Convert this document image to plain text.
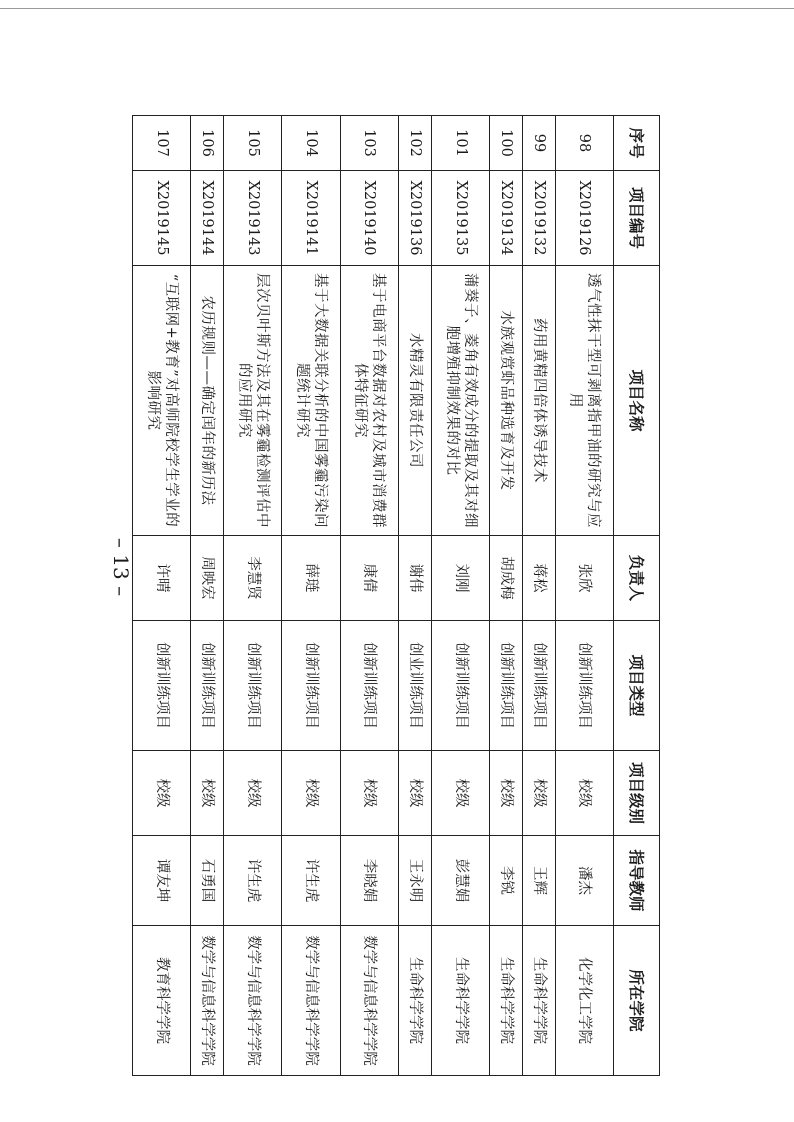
序号	项目编号	项目名称	负责人	项目类型	项目级别	指导教师	所在学院
98	X2019126	透气性抹干型可剥离指甲油的研究与应用	张欣	创新训练项目	校级	潘杰	化学化工学院
99	X2019132	药用黄精四倍体诱导技术	蒋松	创新训练项目	校级	王辉	生命科学学院
100	X2019134	水族观赏虾品种选育及开发	胡成梅	创新训练项目	校级	李锐	生命科学学院
101	X2019135	蒲葵子、菱角有效成分的提取及其对细胞增殖抑制效果的对比	刘刚	创新训练项目	校级	彭慧娟	生命科学学院
102	X2019136	水精灵有限责任公司	谢伟	创业训练项目	校级	王永明	生命科学学院
103	X2019140	基于电商平台数据对农村及城市消费群体特征研究	康倩	创新训练项目	校级	李晓娟	数学与信息科学学院
104	X2019141	基于大数据关联分析的中国雾霾污染问题统计研究	薛琏	创新训练项目	校级	许生虎	数学与信息科学学院
105	X2019143	层次贝叶斯方法及其在雾霾检测评估中的应用研究	李慧贤	创新训练项目	校级	许生虎	数学与信息科学学院
106	X2019144	农历规则——确定闰年的新历法	周映宏	创新训练项目	校级	石勇国	数学与信息科学学院
107	X2019145	“互联网+教育”对高师院校学生学业的影响研究	许晴	创新训练项目	校级	谭友坤	教育科学学院
– 13 –
